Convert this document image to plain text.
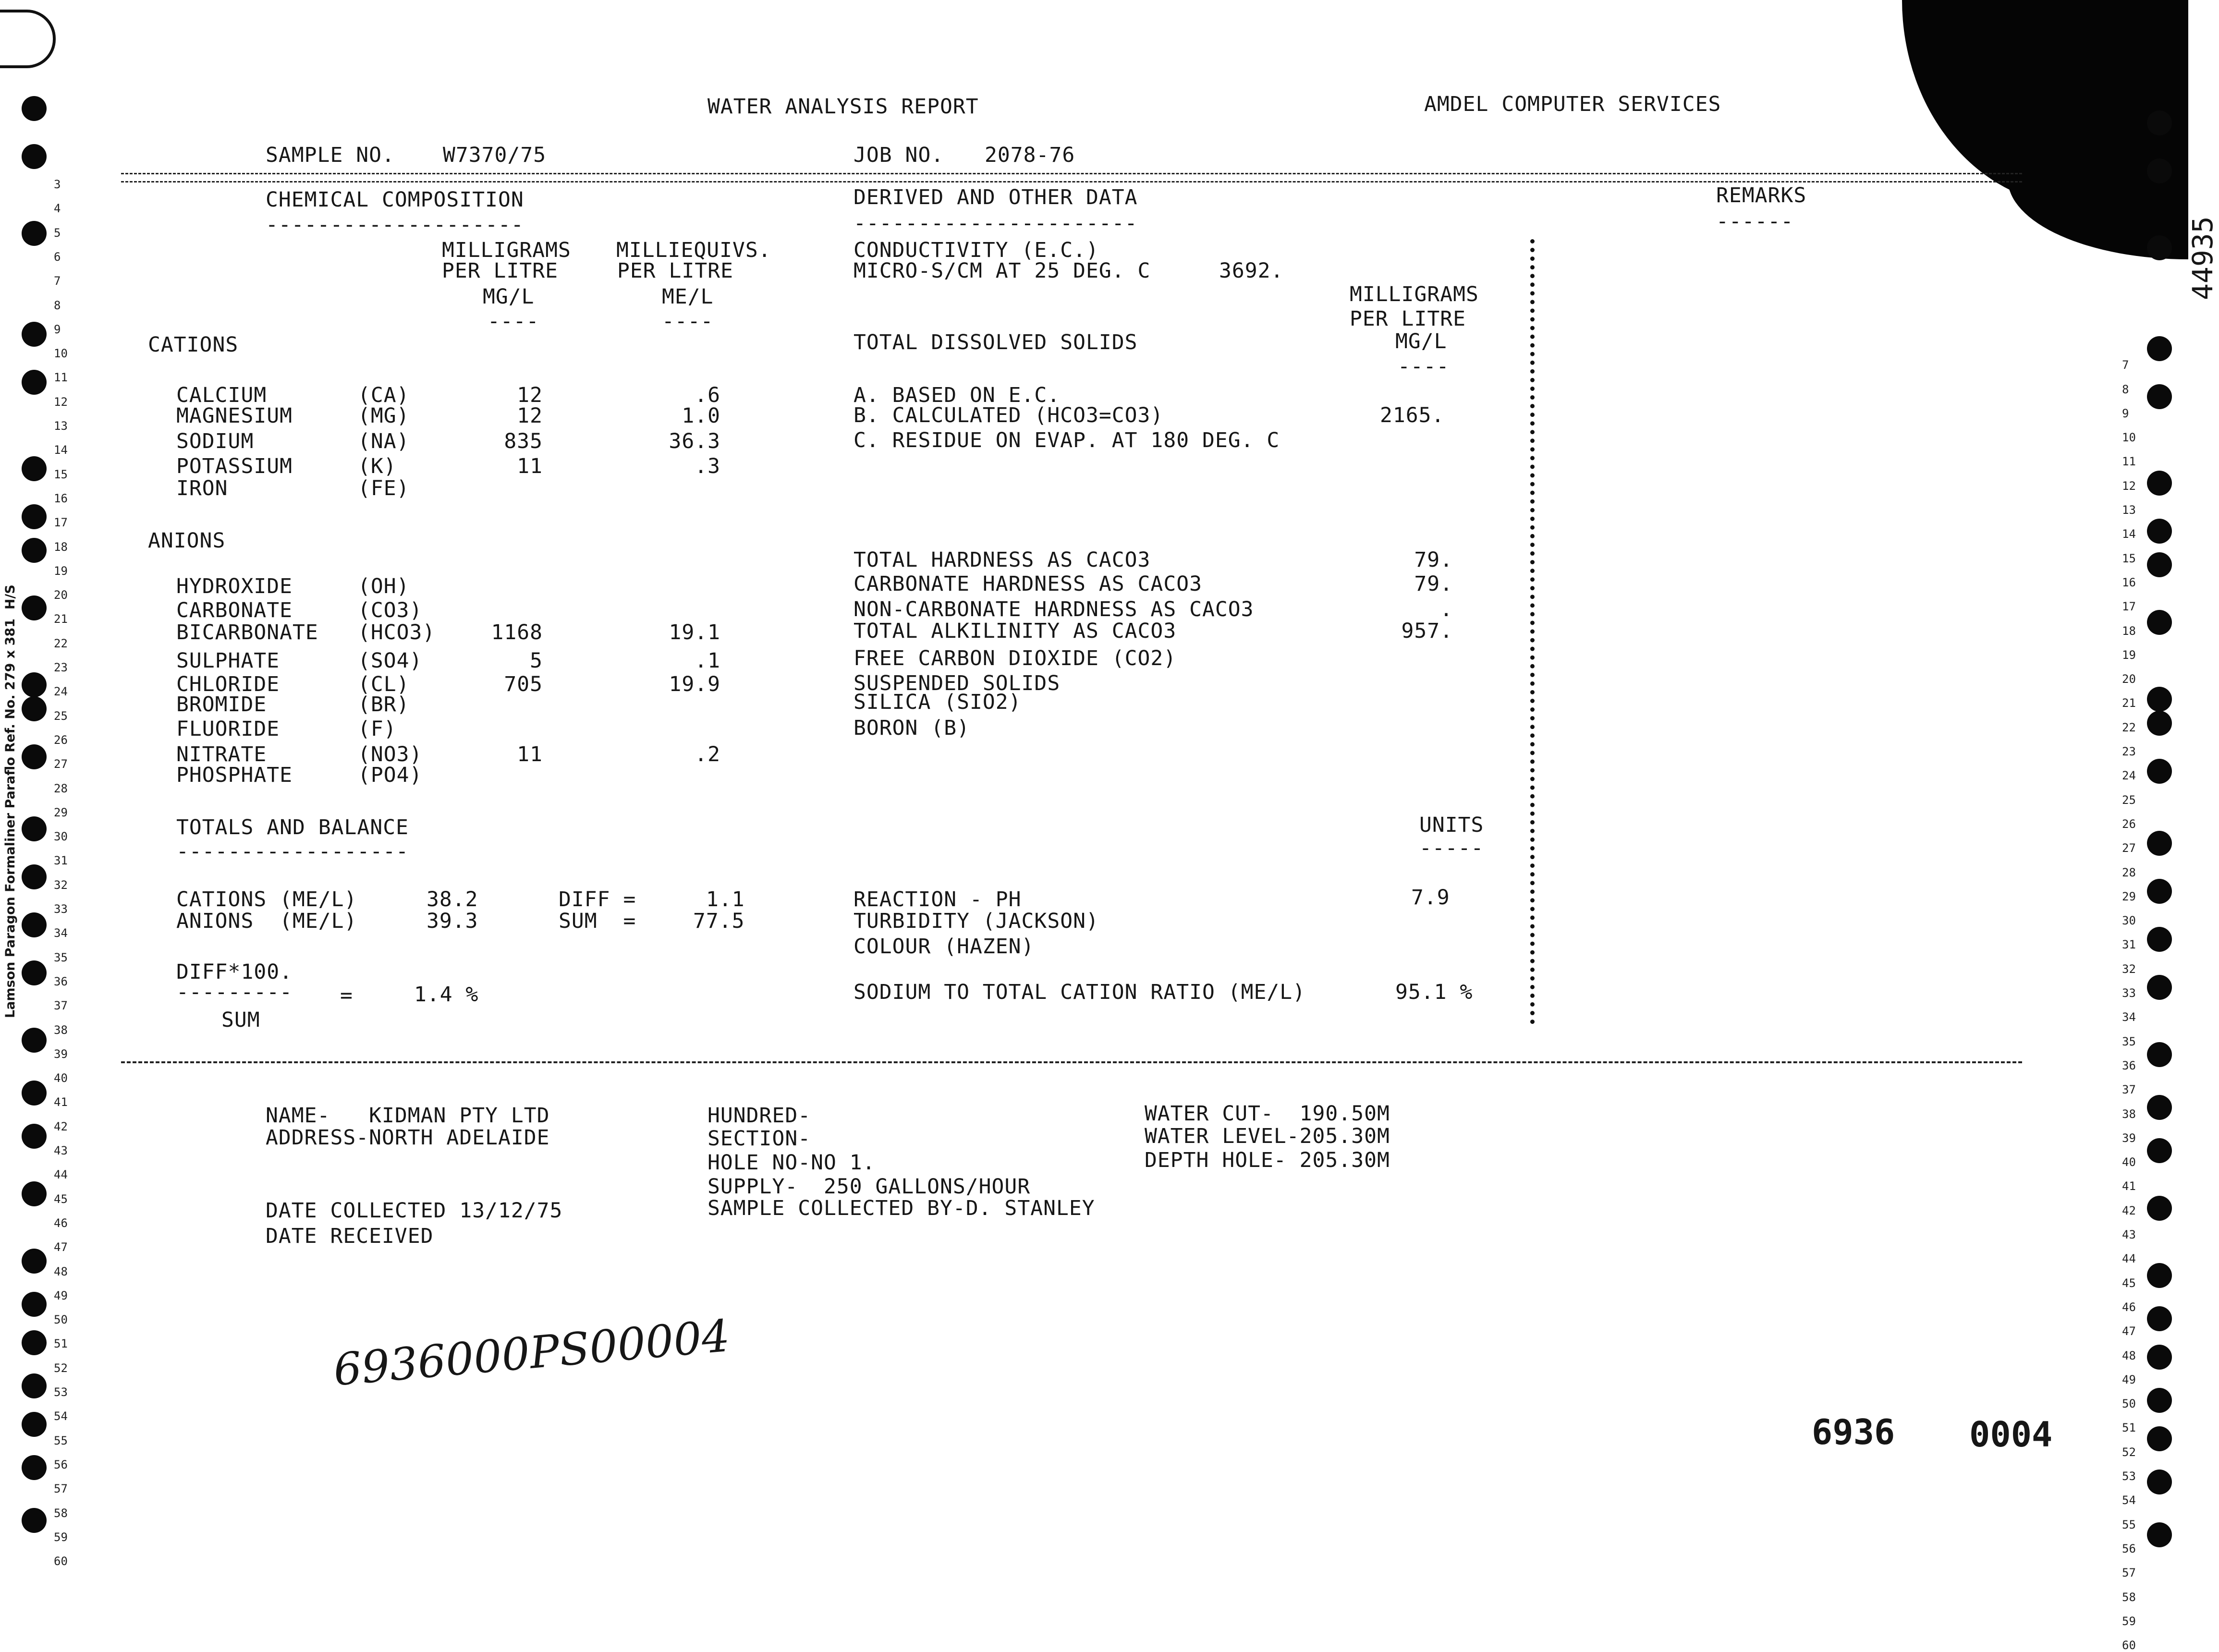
3
4
5
6
7
8
9
10
11
12
13
14
15
16
17
18
19
20
21
22
23
24
25
26
27
28
29
30
31
32
33
34
35
36
37
38
39
40
41
42
43
44
45
46
47
48
49
50
51
52
53
54
55
56
57
58
59
60
7
8
9
10
11
12
13
14
15
16
17
18
19
20
21
22
23
24
25
26
27
28
29
30
31
32
33
34
35
36
37
38
39
40
41
42
43
44
45
46
47
48
49
50
51
52
53
54
55
56
57
58
59
60
Lamson Paragon Formaliner Paraflo Ref. No. 279 x 381  H/S
44935
WATER ANALYSIS REPORT	AMDEL COMPUTER SERVICES
SAMPLE NO. W7370/75	JOB NO. 2078-76
CHEMICAL COMPOSITION
--------------------
DERIVED AND OTHER DATA
----------------------
REMARKS
------
MILLIGRAMS
PER LITRE
MG/L
----
MILLIEQUIVS.
PER LITRE
ME/L
----
CONDUCTIVITY (E.C.)
MICRO-S/CM AT 25 DEG. C	3692.
MILLIGRAMS
PER LITRE
MG/L
----
CATIONS
CALCIUM	(CA)	12	.6
MAGNESIUM	(MG)	12	1.0
SODIUM	(NA)	835	36.3
POTASSIUM	(K)	11	.3
IRON	(FE)
ANIONS
HYDROXIDE	(OH)
CARBONATE	(CO3)
BICARBONATE (HCO3)	1168	19.1
SULPHATE	(SO4)	5	.1
CHLORIDE	(CL)	705	19.9
BROMIDE	(BR)
FLUORIDE	(F)
NITRATE	(NO3)	11	.2
PHOSPHATE	(PO4)
TOTAL DISSOLVED SOLIDS
A. BASED ON E.C.
B. CALCULATED (HCO3=CO3)	2165.
C. RESIDUE ON EVAP. AT 180 DEG. C
TOTAL HARDNESS AS CACO3	79.
CARBONATE HARDNESS AS CACO3	79.
NON-CARBONATE HARDNESS AS CACO3	.
TOTAL ALKILINITY AS CACO3	957.
FREE CARBON DIOXIDE (CO2)
SUSPENDED SOLIDS
SILICA (SIO2)
BORON (B)
TOTALS AND BALANCE
------------------
UNITS
-----
CATIONS (ME/L)	38.2	DIFF =	1.1
ANIONS  (ME/L)	39.3	SUM  =	77.5
REACTION - PH	7.9
TURBIDITY (JACKSON)
COLOUR (HAZEN)
DIFF*100.
--------- =	1.4 %
SUM
SODIUM TO TOTAL CATION RATIO (ME/L)	95.1 %
NAME-   KIDMAN PTY LTD
ADDRESS-NORTH ADELAIDE
DATE COLLECTED 13/12/75
DATE RECEIVED
HUNDRED-
SECTION-
HOLE NO-NO 1.
SUPPLY-  250 GALLONS/HOUR
SAMPLE COLLECTED BY-D. STANLEY
WATER CUT-  190.50M
WATER LEVEL-205.30M
DEPTH HOLE- 205.30M
6936000PS00004
6936 0004
